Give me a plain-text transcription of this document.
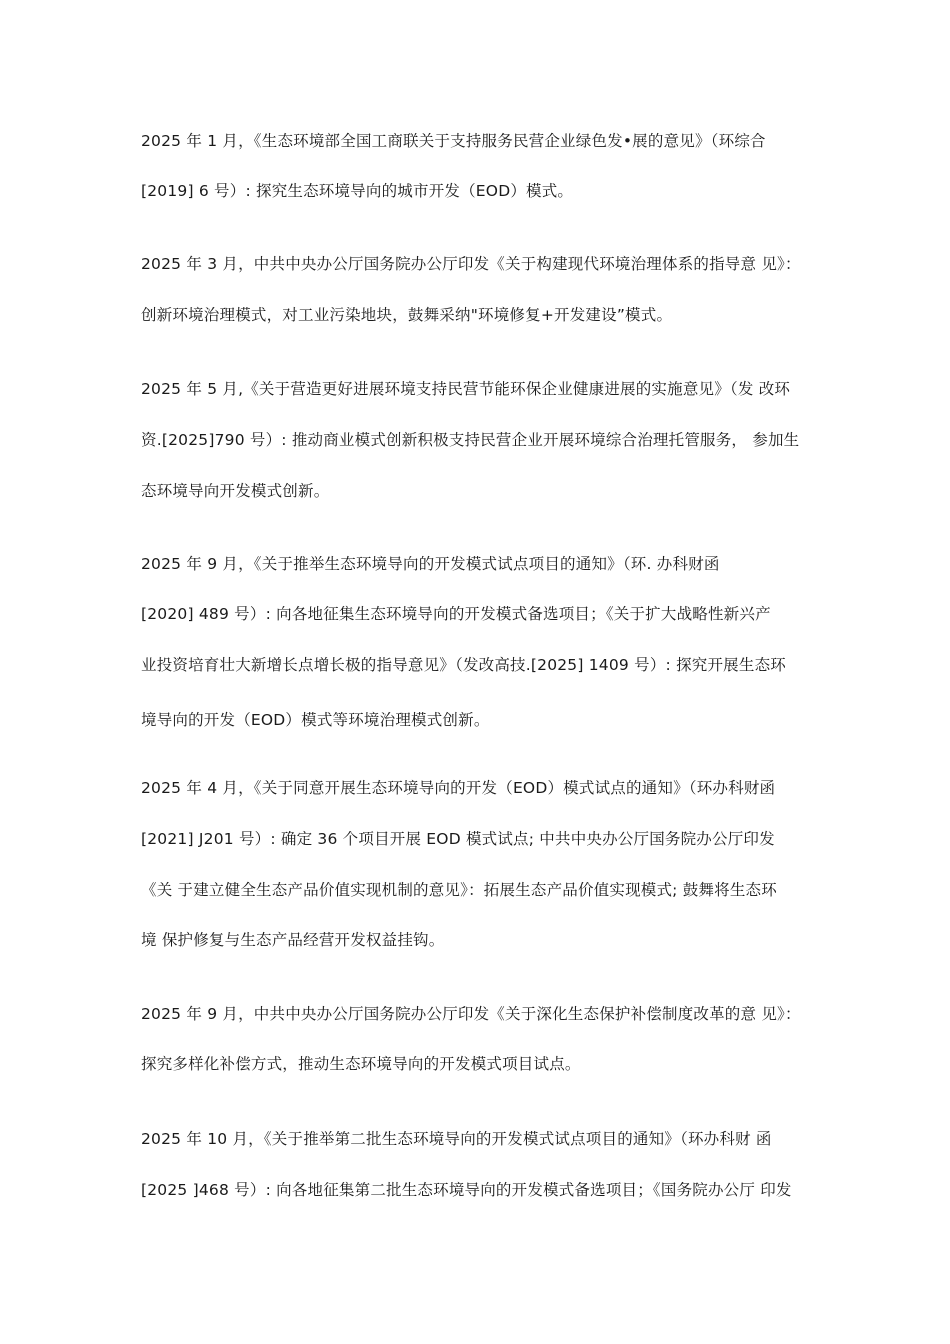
2025 年 1 月，《生态环境部全国工商联关于支持服务民营企业绿色发•展的意见》（环综合
[2019] 6 号）: 探究生态环境导向的城市开发（EOD）模式。
2025 年 3 月，中共中央办公厅国务院办公厅印发《关于构建现代环境治理体系的指导意 见》：
创新环境治理模式，对工业污染地块，鼓舞采纳"环境修复+开发建设”模式。
2025 年 5 月,《关于营造更好进展环境支持民营节能环保企业健康进展的实施意见》（发 改环
资.[2025]790 号）: 推动商业模式创新积极支持民营企业开展环境综合治理托管服务， 参加生
态环境导向开发模式创新。
2025 年 9 月，《关于推举生态环境导向的开发模式试点项目的通知》（环. 办科财函
[2020] 489 号）: 向各地征集生态环境导向的开发模式备选项目；《关于扩大战略性新兴产
业投资培育壮大新增长点增长极的指导意见》（发改高技.[2025] 1409 号）: 探究开展生态环
境导向的开发（EOD）模式等环境治理模式创新。
2025 年 4 月，《关于同意开展生态环境导向的开发（EOD）模式试点的通知》（环办科财函
[2021] J201 号）: 确定 36 个项目开展 EOD 模式试点; 中共中央办公厅国务院办公厅印发
《关 于建立健全生态产品价值实现机制的意见》：拓展生态产品价值实现模式; 鼓舞将生态环
境 保护修复与生态产品经营开发权益挂钩。
2025 年 9 月，中共中央办公厅国务院办公厅印发《关于深化生态保护补偿制度改革的意 见》：
探究多样化补偿方式，推动生态环境导向的开发模式项目试点。
2025 年 10 月，《关于推举第二批生态环境导向的开发模式试点项目的通知》（环办科财 函
[2025 ]468 号）: 向各地征集第二批生态环境导向的开发模式备选项目；《国务院办公厅 印发
